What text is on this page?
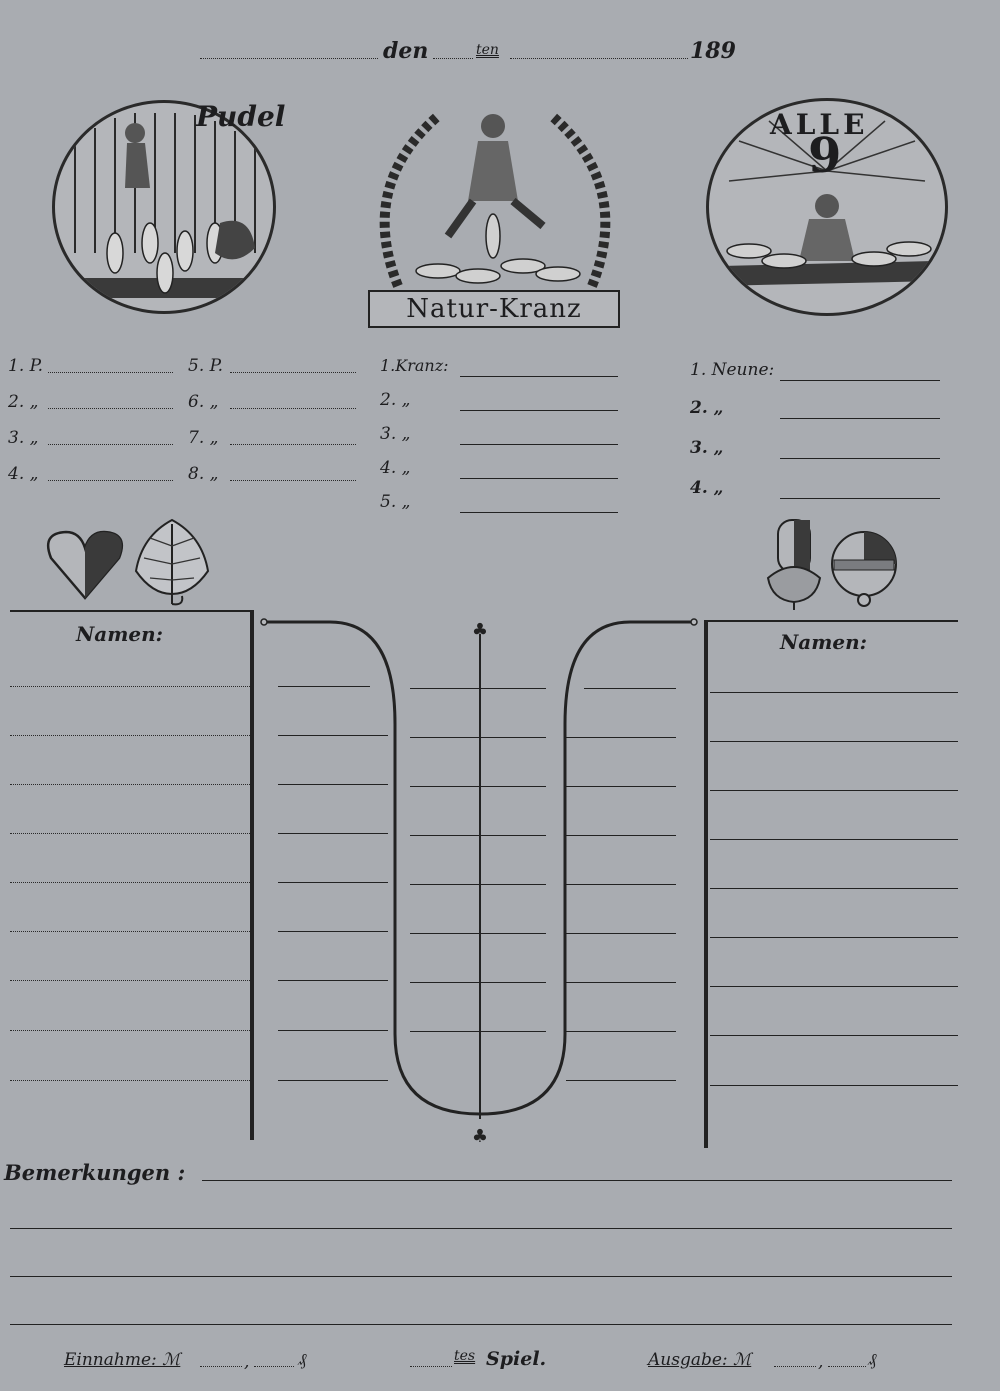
den	ten	189
Pudel
Natur-Kranz
ALLE
9
1. P.
2. „
3. „
4. „
5. P.
6. „
7. „
8. „
1.Kranz:
2. „
3. „
4. „
5. „
1. Neune:
2. „
3. „
4. „
Namen:	♣
♣
Namen:
Bemerkungen :
Einnahme: ℳ	,	₰	tes Spiel.	Ausgabe: ℳ	,	₰
